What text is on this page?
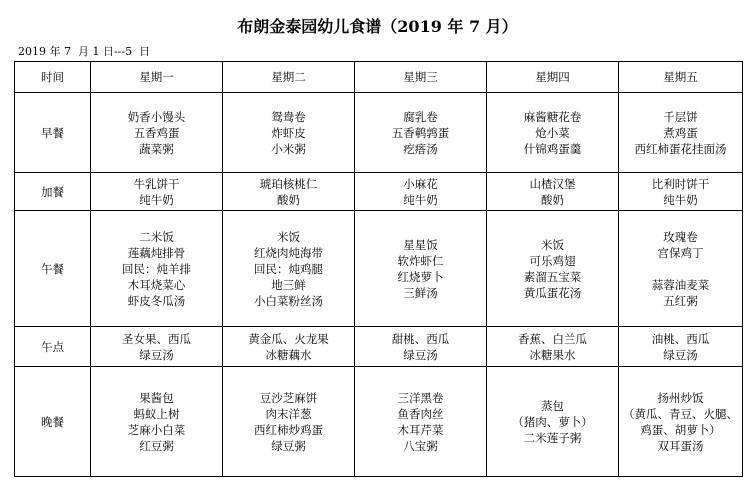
布朗金泰园幼儿食谱（2019 年 7 月）
2019 年 7  月 1 日---5  日
时间	星期一	星期二	星期三	星期四	星期五
早餐	奶香小馒头
五香鸡蛋
蔬菜粥	鸳鸯卷
炸虾皮
小米粥	腐乳卷
五香鹌鹑蛋
疙瘩汤	麻酱糖花卷
炝小菜
什锦鸡蛋羹	千层饼
煮鸡蛋
西红柿蛋花挂面汤

加餐	牛乳饼干
纯牛奶	琥珀核桃仁
酸奶	小麻花
纯牛奶	山楂汉堡
酸奶	比利时饼干
纯牛奶

午餐	二米饭
莲藕炖排骨
回民：炖羊排
木耳烧菜心
虾皮冬瓜汤	米饭
红烧肉炖海带
回民：炖鸡腿
地三鲜
小白菜粉丝汤	星星饭
软炸虾仁
红烧萝卜
三鲜汤	米饭
可乐鸡翅
素溜五宝菜
黄瓜蛋花汤	玫瑰卷
宫保鸡丁
蒜蓉油麦菜
五红粥

午点	圣女果、西瓜
绿豆汤	黄金瓜、火龙果
冰糖藕水	甜桃、西瓜
绿豆汤	香蕉、白兰瓜
冰糖果水	油桃、西瓜
绿豆汤

晚餐	果酱包
蚂蚁上树
芝麻小白菜
红豆粥	豆沙芝麻饼
肉末洋葱
西红柿炒鸡蛋
绿豆粥	三洋黑卷
鱼香肉丝
木耳芹菜
八宝粥	蒸包
（猪肉、萝卜）
二米莲子粥	扬州炒饭
（黄瓜、青豆、火腿、
鸡蛋、胡萝卜）
双耳蛋汤
